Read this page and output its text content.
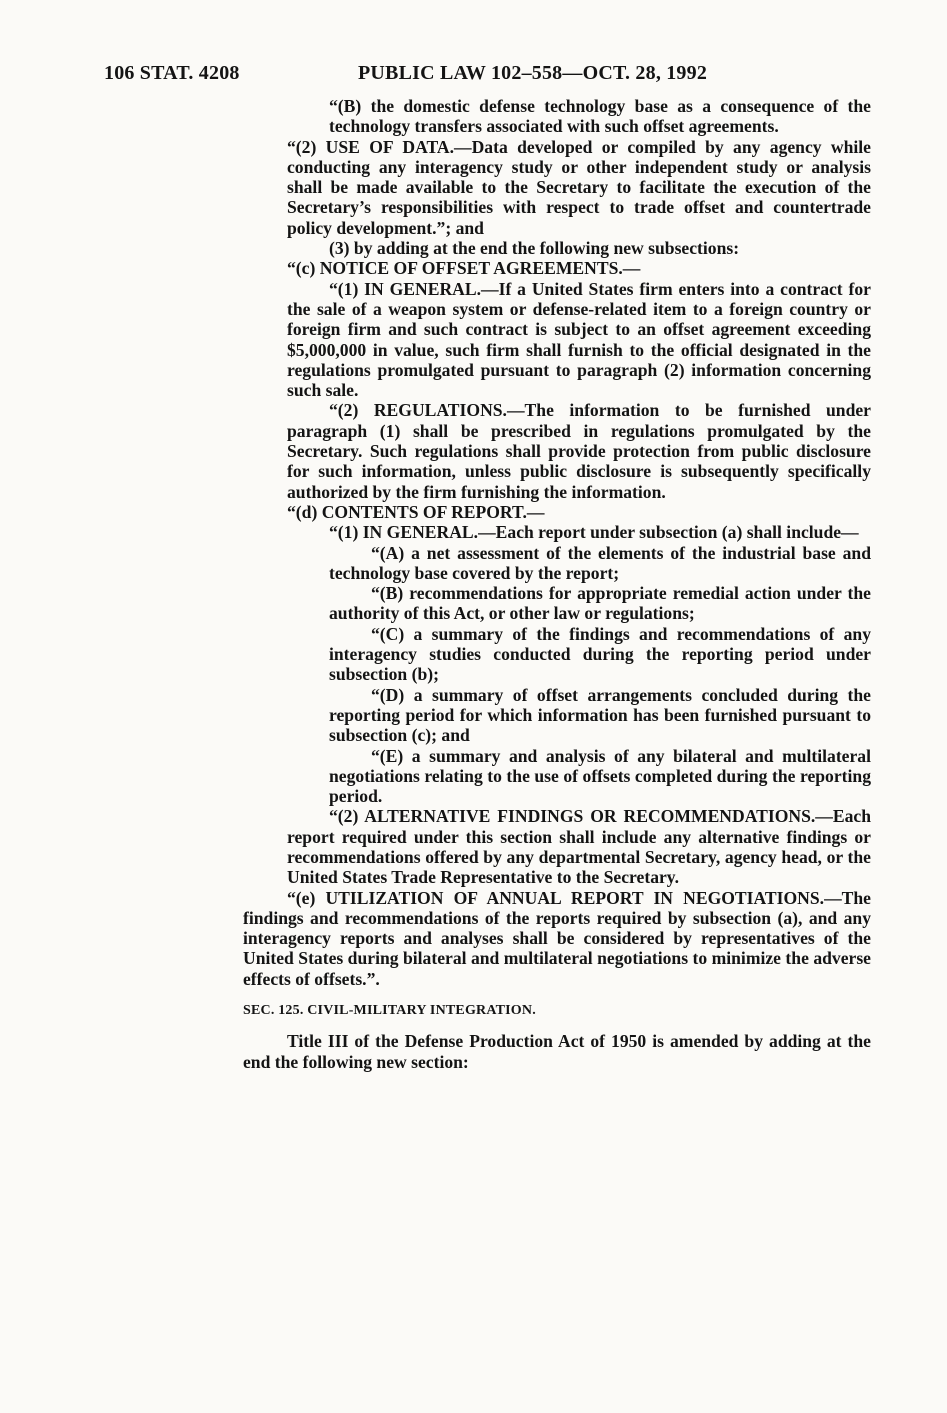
106 STAT. 4208	PUBLIC LAW 102–558—OCT. 28, 1992

“(B) the domestic defense technology base as a consequence of the technology transfers associated with such offset agreements.

“(2) USE OF DATA.—Data developed or compiled by any agency while conducting any interagency study or other independent study or analysis shall be made available to the Secretary to facilitate the execution of the Secretary’s responsibilities with respect to trade offset and countertrade policy development.”; and

(3) by adding at the end the following new subsections:

“(c) NOTICE OF OFFSET AGREEMENTS.—

“(1) IN GENERAL.—If a United States firm enters into a contract for the sale of a weapon system or defense-related item to a foreign country or foreign firm and such contract is subject to an offset agreement exceeding $5,000,000 in value, such firm shall furnish to the official designated in the regulations promulgated pursuant to paragraph (2) information concerning such sale.

“(2) REGULATIONS.—The information to be furnished under paragraph (1) shall be prescribed in regulations promulgated by the Secretary. Such regulations shall provide protection from public disclosure for such information, unless public disclosure is subsequently specifically authorized by the firm furnishing the information.

“(d) CONTENTS OF REPORT.—

“(1) IN GENERAL.—Each report under subsection (a) shall include—

“(A) a net assessment of the elements of the industrial base and technology base covered by the report;

“(B) recommendations for appropriate remedial action under the authority of this Act, or other law or regulations;

“(C) a summary of the findings and recommendations of any interagency studies conducted during the reporting period under subsection (b);

“(D) a summary of offset arrangements concluded during the reporting period for which information has been furnished pursuant to subsection (c); and

“(E) a summary and analysis of any bilateral and multilateral negotiations relating to the use of offsets completed during the reporting period.

“(2) ALTERNATIVE FINDINGS OR RECOMMENDATIONS.—Each report required under this section shall include any alternative findings or recommendations offered by any departmental Secretary, agency head, or the United States Trade Representative to the Secretary.

“(e) UTILIZATION OF ANNUAL REPORT IN NEGOTIATIONS.—The findings and recommendations of the reports required by subsection (a), and any interagency reports and analyses shall be considered by representatives of the United States during bilateral and multilateral negotiations to minimize the adverse effects of offsets.”.

SEC. 125. CIVIL-MILITARY INTEGRATION.

Title III of the Defense Production Act of 1950 is amended by adding at the end the following new section:
